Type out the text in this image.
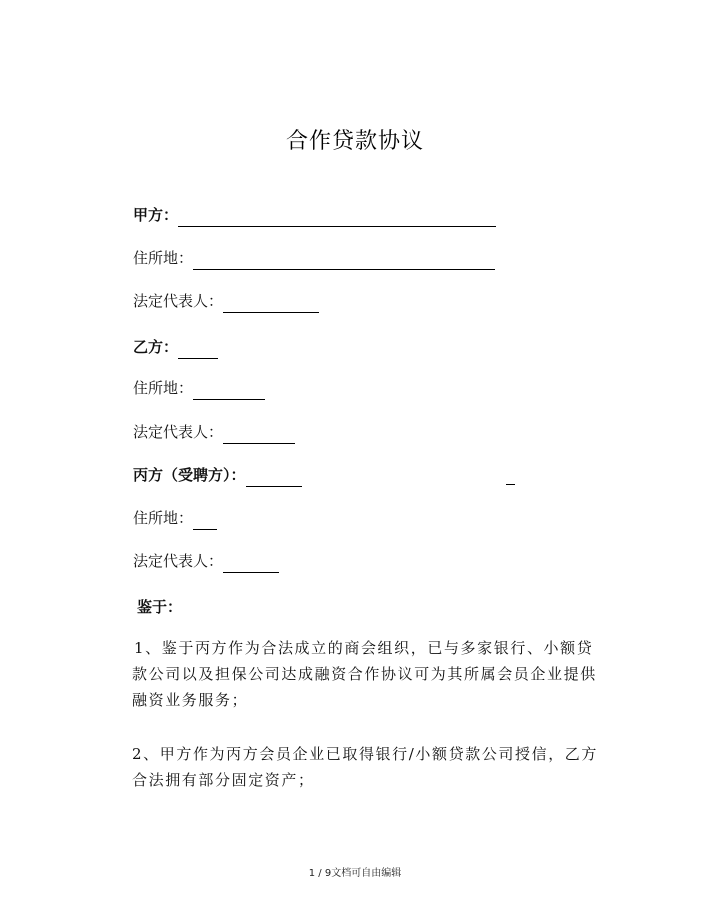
合作贷款协议
甲方：
住所地：
法定代表人：
乙方：
住所地：
法定代表人：
丙方（受聘方）：
住所地：
法定代表人：
鉴于：
1、鉴于丙方作为合法成立的商会组织，已与多家银行、小额贷款公司以及担保公司达成融资合作协议可为其所属会员企业提供融资业务服务；
2、甲方作为丙方会员企业已取得银行/小额贷款公司授信，乙方合法拥有部分固定资产；
1 / 9文档可自由编辑
